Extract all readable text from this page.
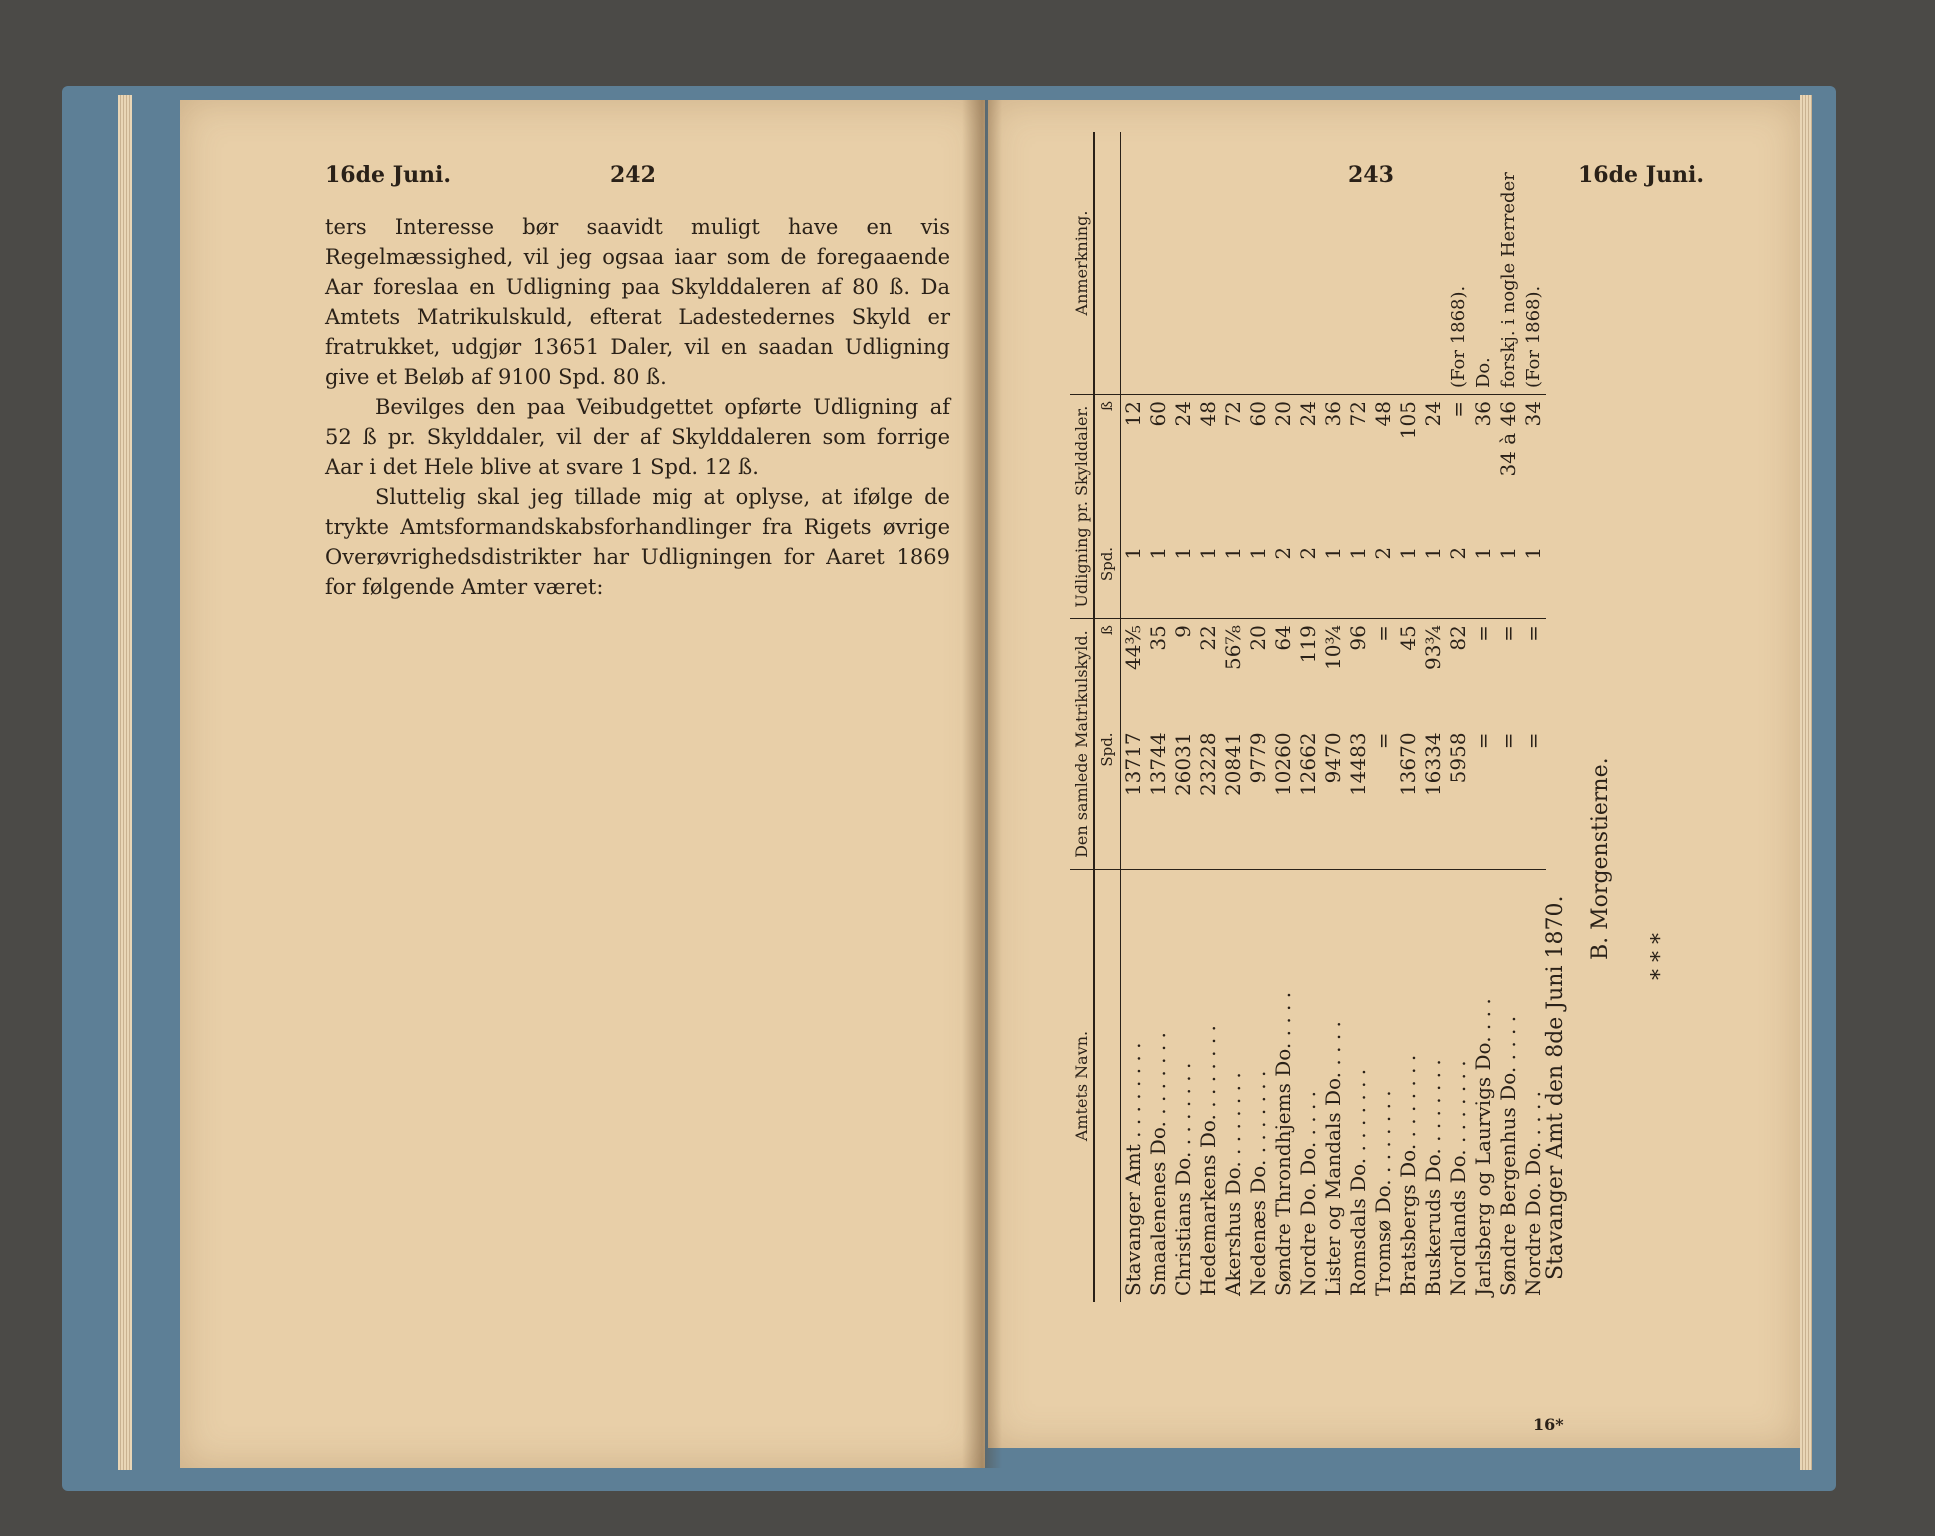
16de Juni.	242

ters Interesse bør saavidt muligt have en vis Regelmæssighed, vil jeg ogsaa iaar som de foregaaende Aar foreslaa en Udligning paa Skylddaleren af 80 ß. Da Amtets Matrikulskuld, efterat Ladestedernes Skyld er fratrukket, udgjør 13651 Daler, vil en saadan Udligning give et Beløb af 9100 Spd. 80 ß.

Bevilges den paa Veibudgettet opførte Udligning af 52 ß pr. Skylddaler, vil der af Skylddaleren som forrige Aar i det Hele blive at svare 1 Spd. 12 ß.

Sluttelig skal jeg tillade mig at oplyse, at ifølge de trykte Amtsformandskabsforhandlinger fra Rigets øvrige Overøvrighedsdistrikter har Udligningen for Aaret 1869 for følgende Amter været:

243	16de Juni.
Amtets Navn.	Den samlede Matrikulskyld.		Udligning pr. Skylddaler.		Anmerkning.
	Spd.	ß	Spd.	ß	
Stavanger Amt . . . . . . . .	13717	44⅗	1	12	
Smaalenenes Do. . . . . . . .	13744	35	1	60	
Christians Do. . . . . . . .	26031	9	1	24	
Hedemarkens Do. . . . . . . .	23228	22	1	48	
Akershus Do. . . . . . . .	20841	56⅞	1	72	
Nedenæs Do. . . . . . . .	9779	20	1	60	
Søndre Throndhjems Do. . . . .	10260	64	2	20	
Nordre Do. Do. . . . .	12662	119	2	24	
Lister og Mandals Do. . . . .	9470	10¾	1	36	
Romsdals Do. . . . . . . .	14483	96	1	72	
Tromsø Do. . . . . . . .	=	=	2	48	
Bratsbergs Do. . . . . . . .	13670	45	1	105	
Buskeruds Do. . . . . . . .	16334	93¾	1	24	
Nordlands Do. . . . . . . .	5958	82	2	=	(For 1868).
Jarlsberg og Laurvigs Do. . . .	=	=	1	36	Do.
Søndre Bergenhus Do. . . . .	=	=	1	34 à 46	forskj. i nogle Herreder
Nordre Do. Do. . . . .	=	=	1	34	(For 1868).
Stavanger Amt den 8de Juni 1870.
B. Morgenstierne. * * *
16*
